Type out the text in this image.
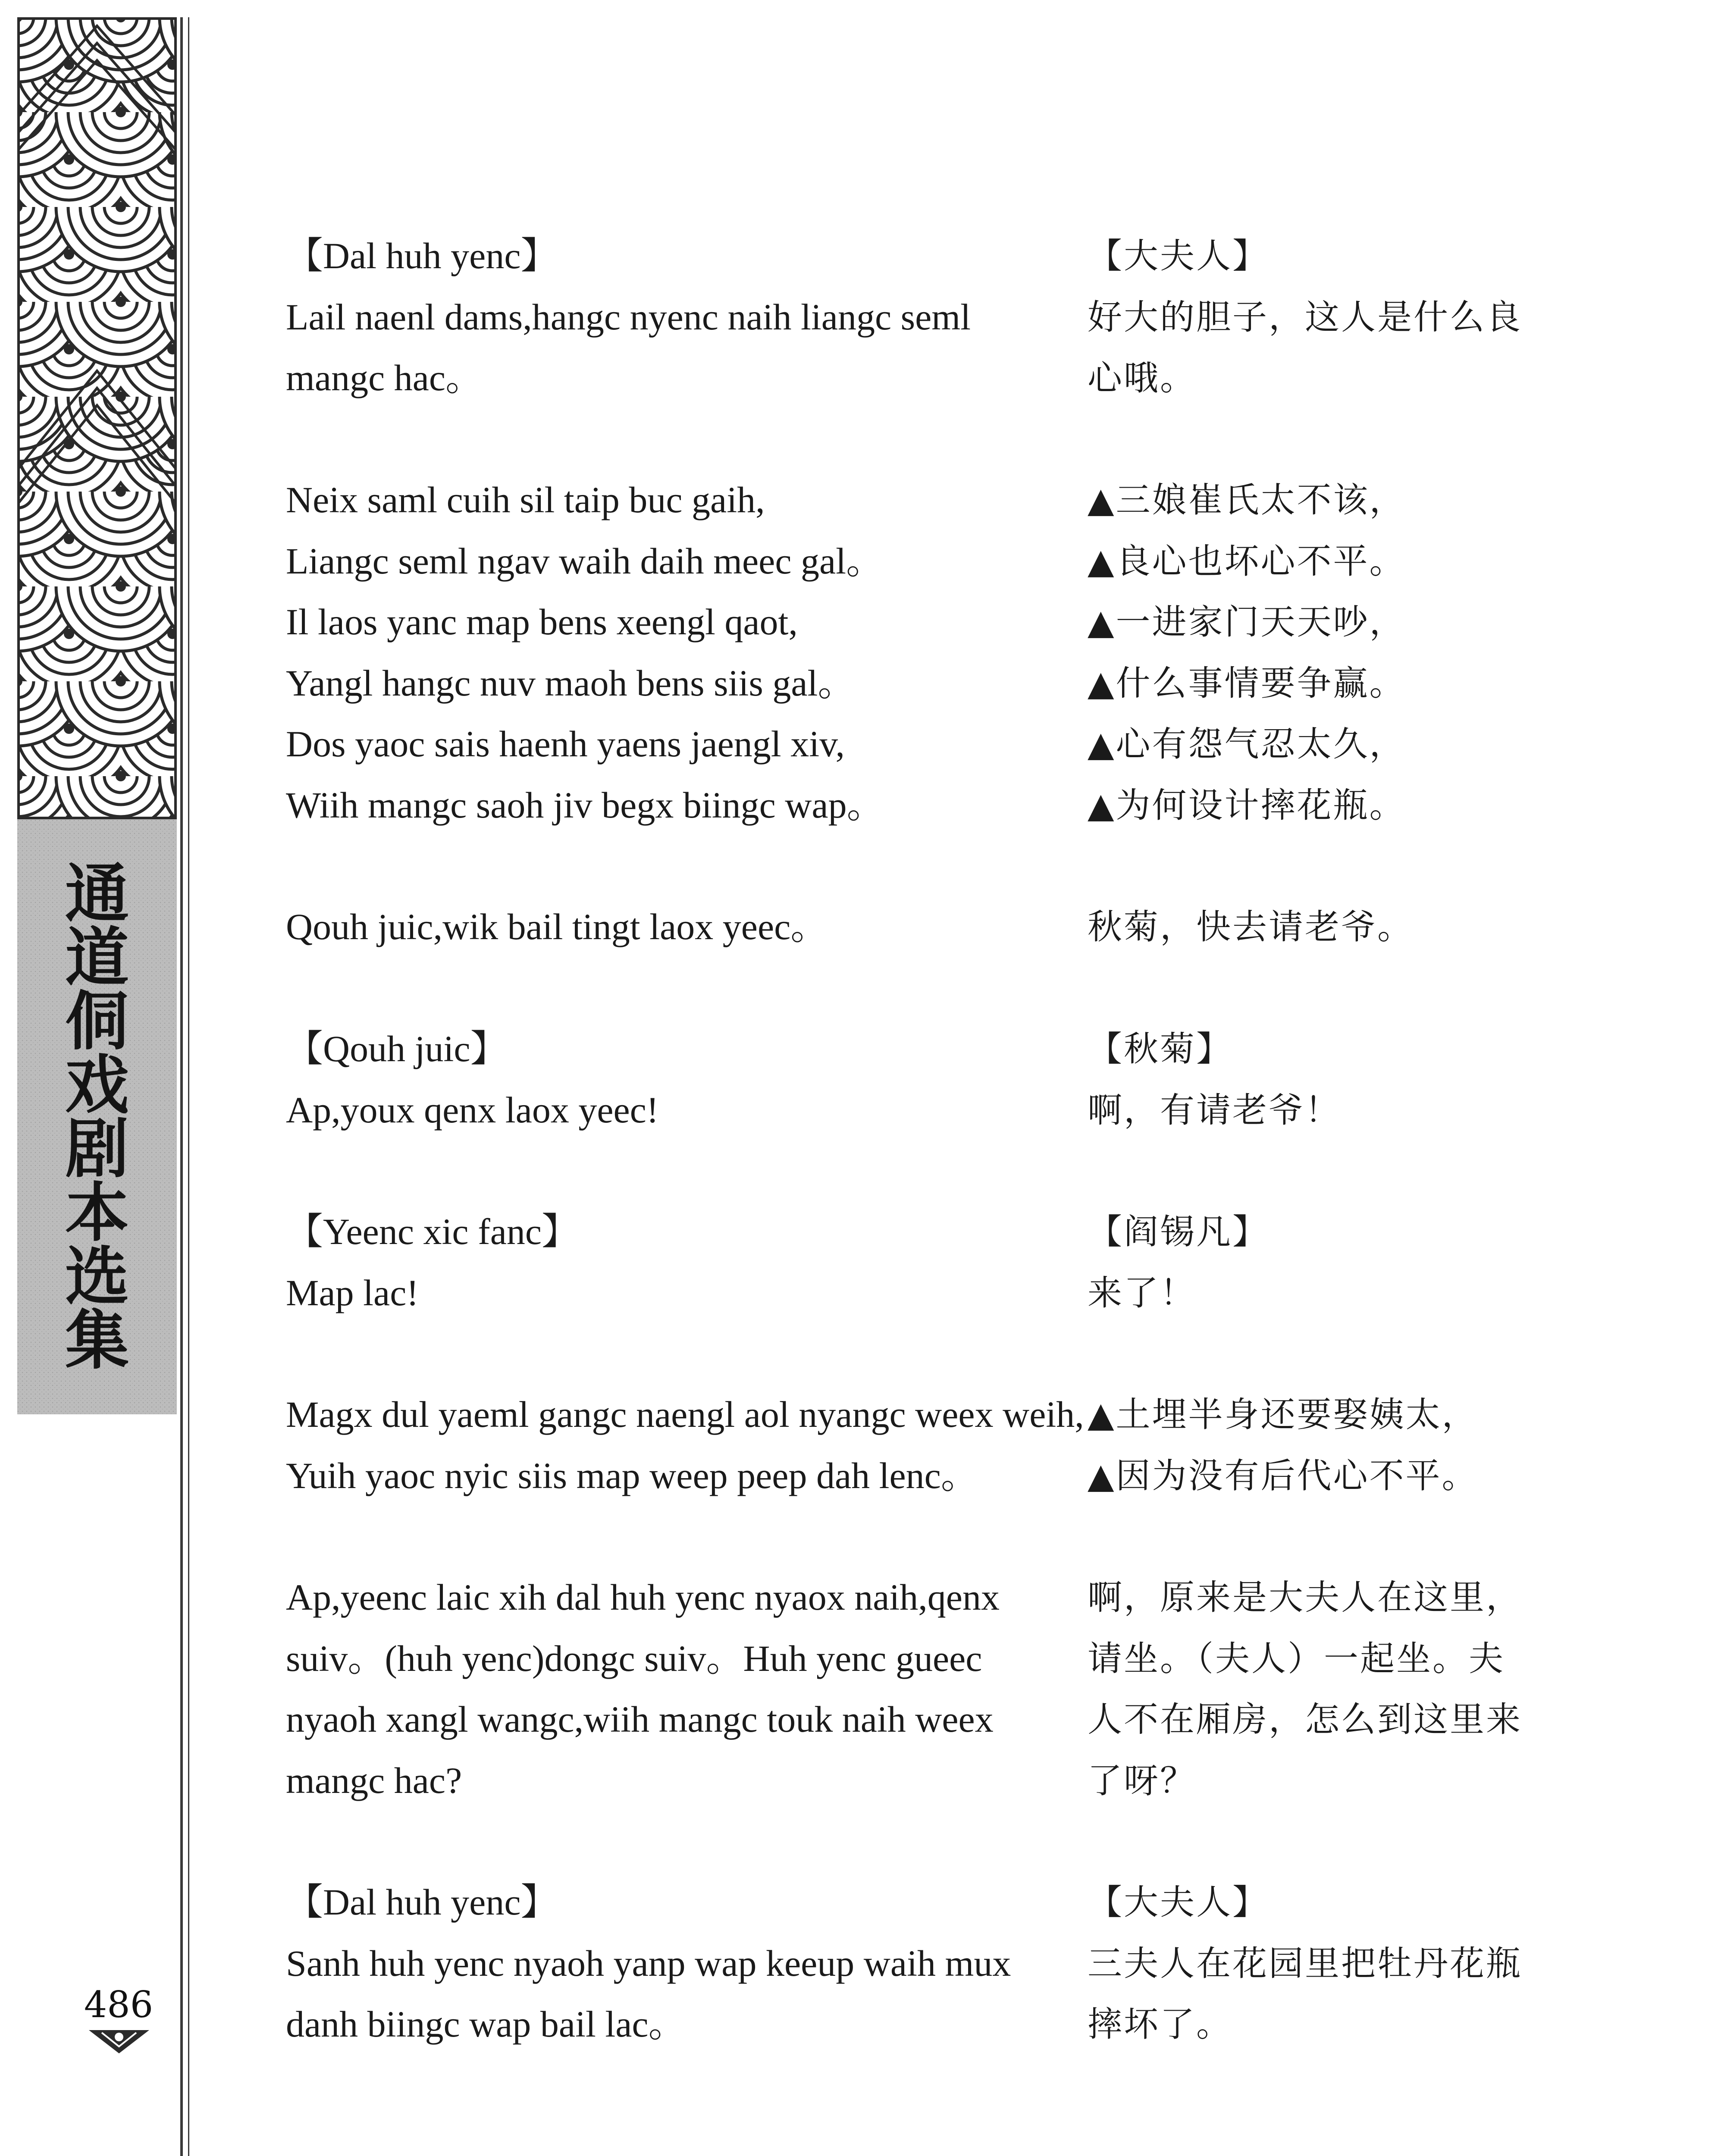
通
道
侗
戏
剧
本
选
集
486
【Dal huh yenc】
Lail naenl dams,hangc nyenc naih liangc seml
mangc hac。
【大夫人】
好大的胆子，这人是什么良
心哦。
Neix saml cuih sil taip buc gaih,
Liangc seml ngav waih daih meec gal。
Il laos yanc map bens xeengl qaot,
Yangl hangc nuv maoh bens siis gal。
Dos yaoc sais haenh yaens jaengl xiv,
Wiih mangc saoh jiv begx biingc wap。
▲三娘崔氏太不该，
▲良心也坏心不平。
▲一进家门天天吵，
▲什么事情要争赢。
▲心有怨气忍太久，
▲为何设计摔花瓶。
Qouh juic,wik bail tingt laox yeec。	秋菊，快去请老爷。
【Qouh juic】
Ap,youx qenx laox yeec!
【秋菊】
啊，有请老爷！
【Yeenc xic fanc】
Map lac!
【阎锡凡】
来了！
Magx dul yaeml gangc naengl aol nyangc weex weih,
Yuih yaoc nyic siis map weep peep dah lenc。
▲土埋半身还要娶姨太，
▲因为没有后代心不平。
Ap,yeenc laic xih dal huh yenc nyaox naih,qenx
suiv。(huh yenc)dongc suiv。Huh yenc gueec
nyaoh xangl wangc,wiih mangc touk naih weex
mangc hac?
啊，原来是大夫人在这里，
请坐。（夫人）一起坐。夫
人不在厢房，怎么到这里来
了呀？
【Dal huh yenc】
Sanh huh yenc nyaoh yanp wap keeup waih mux
danh biingc wap bail lac。
【大夫人】
三夫人在花园里把牡丹花瓶
摔坏了。
